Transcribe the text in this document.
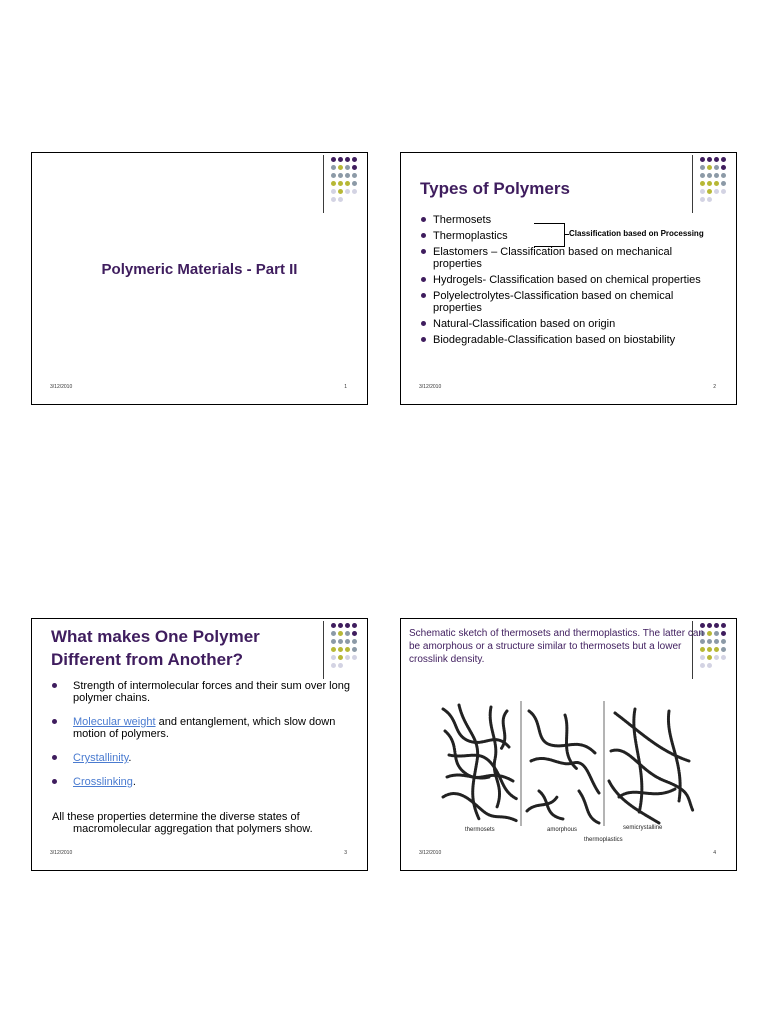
Polymeric Materials - Part II
3/12/2010	1
Types of Polymers
Thermosets
Thermoplastics
Elastomers – Classification based on mechanical properties
Hydrogels- Classification based on chemical properties
Polyelectrolytes-Classification based on chemical properties
Natural-Classification based on origin
Biodegradable-Classification based on biostability
Classification based on Processing
3/12/2010	2
What makes One Polymer Different from Another?
Strength of intermolecular forces and their sum over long polymer chains.
Molecular weight and entanglement, which slow down motion of polymers.
Crystallinity.
Crosslinking.
All these properties determine the diverse states of
macromolecular aggregation that polymers show.
3/12/2010	3
Schematic sketch of thermosets and thermoplastics. The latter can be amorphous or a structure similar to thermosets but a lower crosslink density.
thermosets	amorphous	semicrystalline
thermoplastics
3/12/2010	4
